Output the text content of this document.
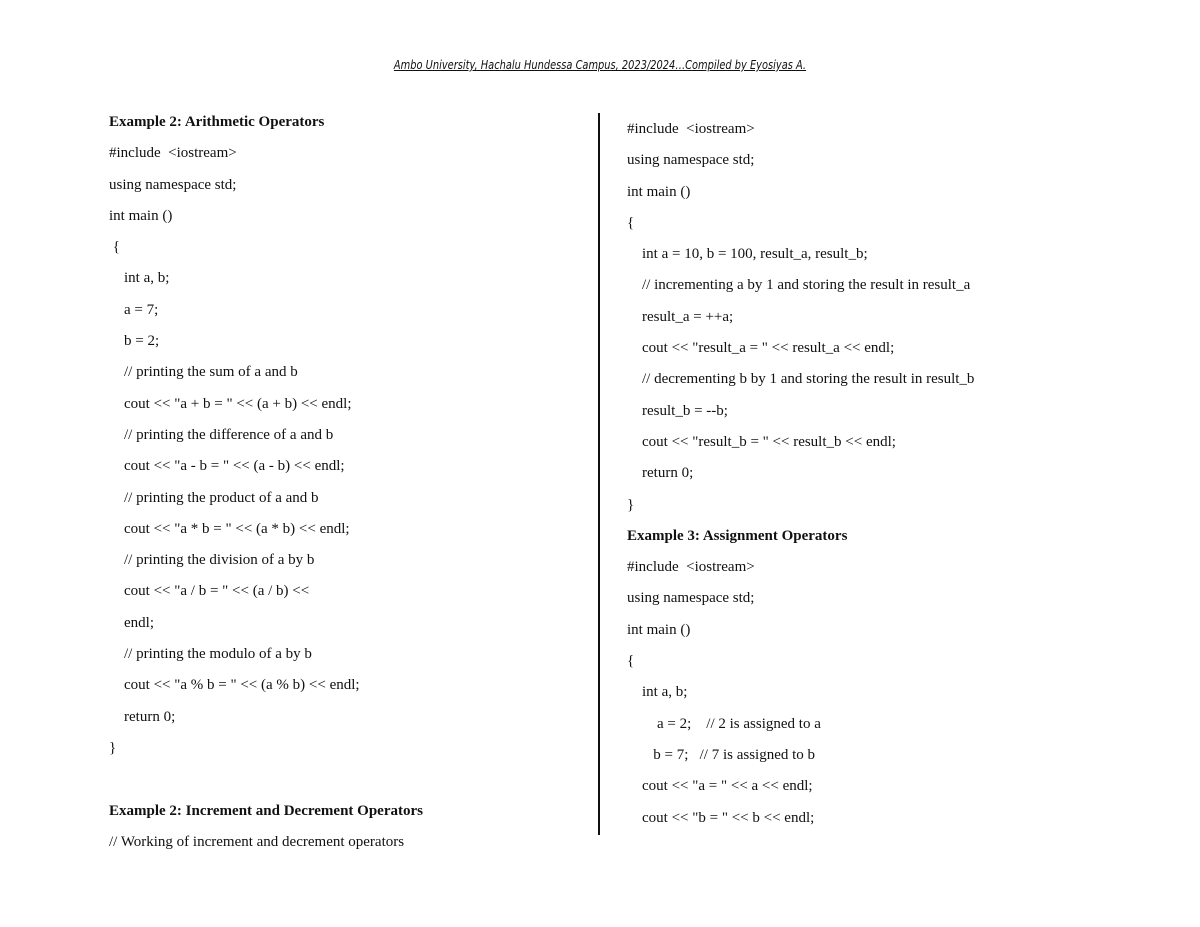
Ambo University, Hachalu Hundessa Campus, 2023/2024…Compiled by Eyosiyas A.
Example 2: Arithmetic Operators
#include  <iostream>
using namespace std;
int main ()
{
int a, b;
a = 7;
b = 2;
// printing the sum of a and b
cout << "a + b = " << (a + b) << endl;
// printing the difference of a and b
cout << "a - b = " << (a - b) << endl;
// printing the product of a and b
cout << "a * b = " << (a * b) << endl;
// printing the division of a by b
cout << "a / b = " << (a / b) <<
endl;
// printing the modulo of a by b
cout << "a % b = " << (a % b) << endl;
return 0;
}
Example 2: Increment and Decrement Operators
// Working of increment and decrement operators
#include  <iostream>
using namespace std;
int main ()
{
int a = 10, b = 100, result_a, result_b;
// incrementing a by 1 and storing the result in result_a
result_a = ++a;
cout << "result_a = " << result_a << endl;
// decrementing b by 1 and storing the result in result_b
result_b = --b;
cout << "result_b = " << result_b << endl;
return 0;
}
Example 3: Assignment Operators
#include  <iostream>
using namespace std;
int main ()
{
int a, b;
a = 2;    // 2 is assigned to a
b = 7;   // 7 is assigned to b
cout << "a = " << a << endl;
cout << "b = " << b << endl;
